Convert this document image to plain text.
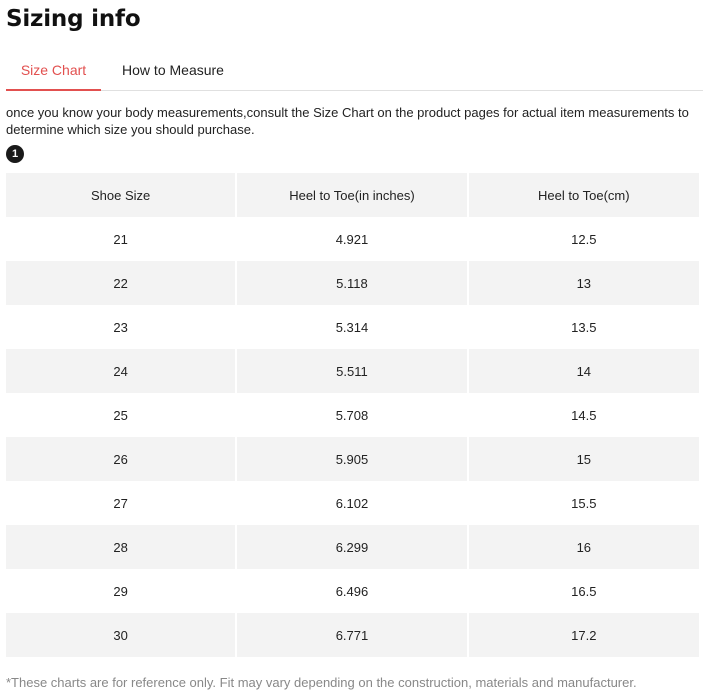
Sizing info
Size Chart	How to Measure

once you know your body measurements,consult the Size Chart on the product pages for actual item measurements to determine which size you should purchase.

1
Shoe Size	Heel to Toe(in inches)	Heel to Toe(cm)
21	4.921	12.5
22	5.118	13
23	5.314	13.5
24	5.511	14
25	5.708	14.5
26	5.905	15
27	6.102	15.5
28	6.299	16
29	6.496	16.5
30	6.771	17.2

*These charts are for reference only. Fit may vary depending on the construction, materials and manufacturer.
